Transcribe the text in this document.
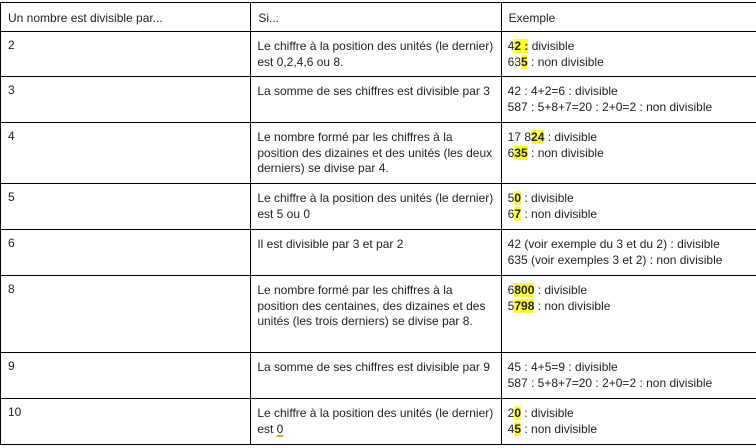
Un nombre est divisible par...	Si...	Exemple

2	Le chiffre à la position des unités (le dernier) est 0,2,4,6 ou 8.	42 : divisible
635 : non divisible

3	La somme de ses chiffres est divisible par 3	42 : 4+2=6 : divisible
587 : 5+8+7=20 : 2+0=2 : non divisible

4	Le nombre formé par les chiffres à la position des dizaines et des unités (les deux derniers) se divise par 4.	17 824 : divisible
635 : non divisible

5	Le chiffre à la position des unités (le dernier) est 5 ou 0	50 : divisible
67 : non divisible

6	Il est divisible par 3 et par 2	42 (voir exemple du 3 et du 2) : divisible
635 (voir exemples 3 et 2) : non divisible

8	Le nombre formé par les chiffres à la position des centaines, des dizaines et des unités (les trois derniers) se divise par 8.	6800 : divisible
5798 : non divisible

9	La somme de ses chiffres est divisible par 9	45 : 4+5=9 : divisible
587 : 5+8+7=20 : 2+0=2 : non divisible

10	Le chiffre à la position des unités (le dernier) est 0	20 : divisible
45 : non divisible
